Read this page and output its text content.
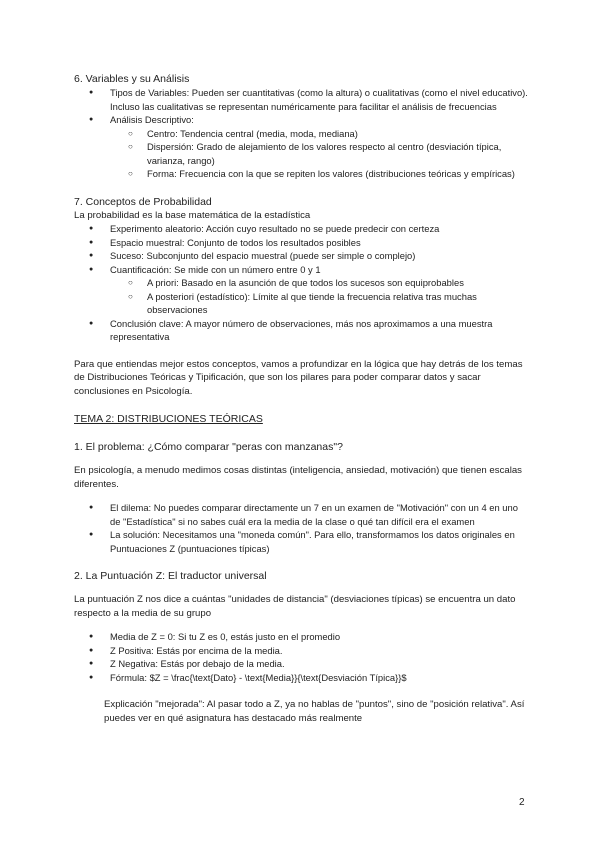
6. Variables y su Análisis

● Tipos de Variables: Pueden ser cuantitativas (como la altura) o cualitativas (como el nivel educativo). Incluso las cualitativas se representan numéricamente para facilitar el análisis de frecuencias
● Análisis Descriptivo:
○ Centro: Tendencia central (media, moda, mediana)
○ Dispersión: Grado de alejamiento de los valores respecto al centro (desviación típica, varianza, rango)
○ Forma: Frecuencia con la que se repiten los valores (distribuciones teóricas y empíricas)

7. Conceptos de Probabilidad

La probabilidad es la base matemática de la estadística

● Experimento aleatorio: Acción cuyo resultado no se puede predecir con certeza
● Espacio muestral: Conjunto de todos los resultados posibles
● Suceso: Subconjunto del espacio muestral (puede ser simple o complejo)
● Cuantificación: Se mide con un número entre 0 y 1
○ A priori: Basado en la asunción de que todos los sucesos son equiprobables
○ A posteriori (estadístico): Límite al que tiende la frecuencia relativa tras muchas observaciones
● Conclusión clave: A mayor número de observaciones, más nos aproximamos a una muestra representativa

Para que entiendas mejor estos conceptos, vamos a profundizar en la lógica que hay detrás de los temas de Distribuciones Teóricas y Tipificación, que son los pilares para poder comparar datos y sacar conclusiones en Psicología.

TEMA 2: DISTRIBUCIONES TEÓRICAS

1. El problema: ¿Cómo comparar "peras con manzanas"?

En psicología, a menudo medimos cosas distintas (inteligencia, ansiedad, motivación) que tienen escalas diferentes.

● El dilema: No puedes comparar directamente un 7 en un examen de "Motivación" con un 4 en uno de "Estadística" si no sabes cuál era la media de la clase o qué tan difícil era el examen
● La solución: Necesitamos una "moneda común". Para ello, transformamos los datos originales en Puntuaciones Z (puntuaciones típicas)

2. La Puntuación Z: El traductor universal

La puntuación Z nos dice a cuántas "unidades de distancia" (desviaciones típicas) se encuentra un dato respecto a la media de su grupo

● Media de Z = 0: Si tu Z es 0, estás justo en el promedio
● Z Positiva: Estás por encima de la media.
● Z Negativa: Estás por debajo de la media.
● Fórmula: $Z = \frac{\text{Dato} - \text{Media}}{\text{Desviación Típica}}$

Explicación "mejorada": Al pasar todo a Z, ya no hablas de "puntos", sino de "posición relativa". Así puedes ver en qué asignatura has destacado más realmente

2
